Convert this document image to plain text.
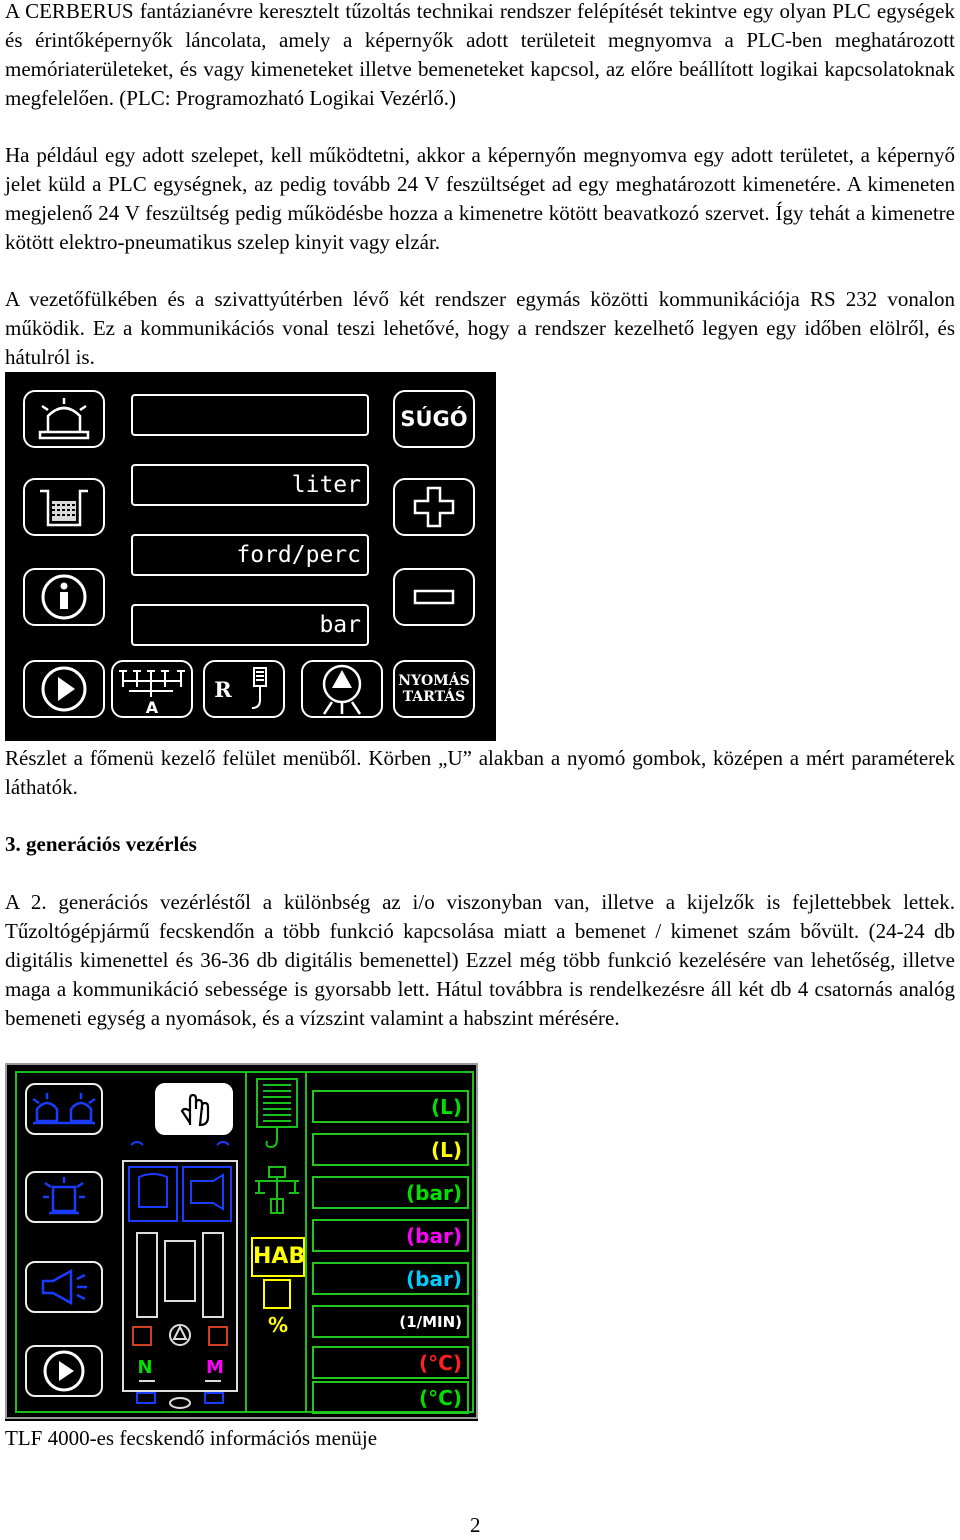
A CERBERUS fantázianévre keresztelt tűzoltás technikai rendszer felépítését tekintve egy olyan PLC egységek és érintőképernyők láncolata, amely a képernyők adott területeit megnyomva a PLC-ben meghatározott memóriaterületeket, és vagy kimeneteket illetve bemeneteket kapcsol, az előre beállított logikai kapcsolatoknak megfelelően. (PLC: Programozható Logikai Vezérlő.)

Ha például egy adott szelepet, kell működtetni, akkor a képernyőn megnyomva egy adott területet, a képernyő jelet küld a PLC egységnek, az pedig tovább 24 V feszültséget ad egy meghatározott kimenetére. A kimeneten megjelenő 24 V feszültség pedig működésbe hozza a kimenetre kötött beavatkozó szervet. Így tehát a kimenetre kötött elektro-pneumatikus szelep kinyit vagy elzár.

A vezetőfülkében és a szivattyútérben lévő két rendszer egymás közötti kommunikációja RS 232 vonalon működik. Ez a kommunikációs vonal teszi lehetővé, hogy a rendszer kezelhető legyen egy időben elölről, és hátulról is.

liter
ford/perc
bar
A
R
SÚGÓ
NYOMÁS
TARTÁS

Részlet a főmenü kezelő felület menüből. Körben „U” alakban a nyomó gombok, középen a mért paraméterek láthatók.

3. generációs vezérlés

A 2. generációs vezérléstől a különbség az i/o viszonyban van, illetve a kijelzők is fejlettebbek lettek. Tűzoltógépjármű fecskendőn a több funkció kapcsolása miatt a bemenet / kimenet szám bővült. (24-24 db digitális kimenettel és 36-36 db digitális bemenettel) Ezzel még több funkció kezelésére van lehetőség, illetve maga a kommunikáció sebessége is gyorsabb lett. Hátul továbbra is rendelkezésre áll két db 4 csatornás analóg bemeneti egység a nyomások, és a vízszint valamint a habszint mérésére.

N	M
HAB
%
(L)
(L)
(bar)
(bar)
(bar)
(1/MIN)
(°C)
(°C)
TLF 4000-es fecskendő információs menüje
2
